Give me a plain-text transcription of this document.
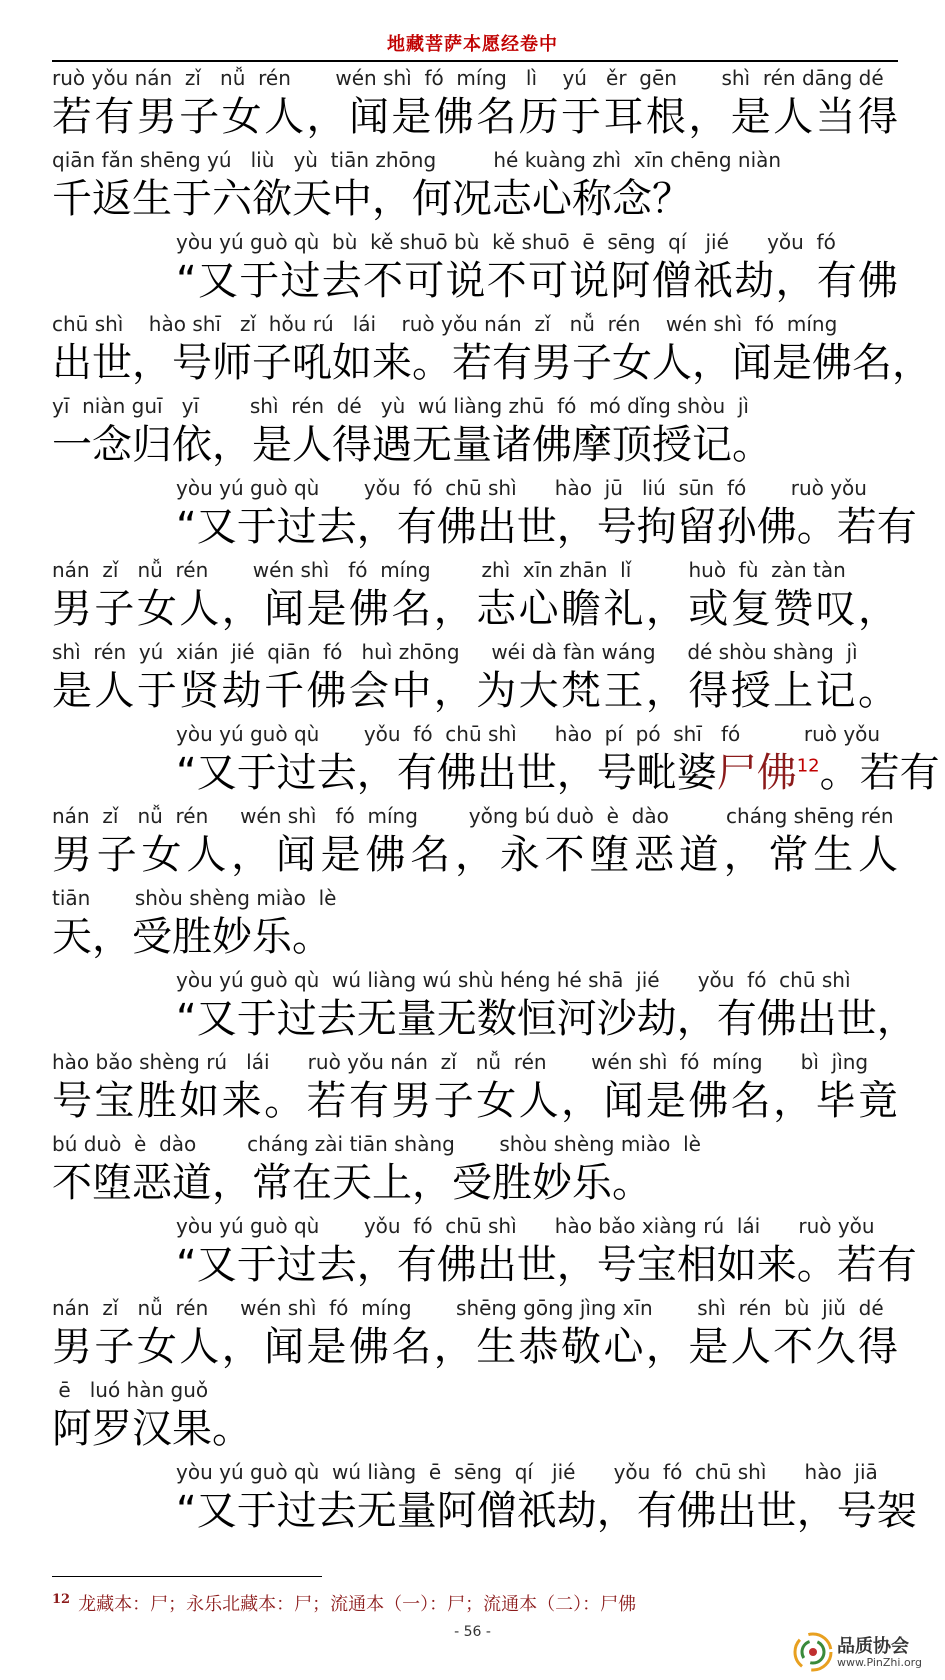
地藏菩萨本愿经卷中
ruò yǒu nán  zǐ   nǚ  rén       wén shì  fó  míng   lì    yú   ěr  gēn       shì  rén dāng dé
若有男子女人，闻是佛名历于耳根，是人当得
qiān fǎn shēng yú   liù   yù  tiān zhōng         hé kuàng zhì  xīn chēng niàn
千返生于六欲天中，何况志心称念？
yòu yú guò qù  bù  kě shuō bù  kě shuō  ē  sēng  qí   jié      yǒu  fó
“又于过去不可说不可说阿僧祇劫，有佛
chū shì    hào shī   zǐ  hǒu rú   lái    ruò yǒu nán  zǐ   nǚ  rén    wén shì  fó  míng
出世，号师子吼如来。若有男子女人，闻是佛名，
yī  niàn guī   yī        shì  rén  dé   yù  wú liàng zhū  fó  mó dǐng shòu  jì
一念归依，是人得遇无量诸佛摩顶授记。
yòu yú guò qù       yǒu  fó  chū shì      hào  jū   liú  sūn  fó       ruò yǒu
“又于过去，有佛出世，号拘留孙佛。若有
nán  zǐ   nǚ  rén       wén shì   fó  míng        zhì  xīn zhān  lǐ         huò  fù  zàn tàn
男子女人，闻是佛名，志心瞻礼，或复赞叹，
shì  rén  yú  xián  jié  qiān  fó   huì zhōng     wéi dà fàn wáng     dé shòu shàng  jì
是人于贤劫千佛会中，为大梵王，得授上记。
yòu yú guò qù       yǒu  fó  chū shì      hào  pí  pó  shī   fó          ruò yǒu
“又于过去，有佛出世，号毗婆尸佛$^{12}$。若有
nán  zǐ   nǚ  rén     wén shì   fó  míng        yǒng bú duò  è  dào         cháng shēng rén
男子女人，闻是佛名，永不堕恶道，常生人
tiān       shòu shèng miào  lè
天，受胜妙乐。
yòu yú guò qù  wú liàng wú shù héng hé shā  jié      yǒu  fó  chū shì
“又于过去无量无数恒河沙劫，有佛出世，
hào bǎo shèng rú   lái      ruò yǒu nán  zǐ   nǚ  rén       wén shì  fó  míng      bì  jìng
号宝胜如来。若有男子女人，闻是佛名，毕竟
bú duò  è  dào        cháng zài tiān shàng       shòu shèng miào  lè
不堕恶道，常在天上，受胜妙乐。
yòu yú guò qù       yǒu  fó  chū shì      hào bǎo xiàng rú  lái      ruò yǒu
“又于过去，有佛出世，号宝相如来。若有
nán  zǐ   nǚ  rén     wén shì  fó  míng       shēng gōng jìng xīn       shì  rén  bù  jiǔ  dé
男子女人，闻是佛名，生恭敬心，是人不久得
ē   luó hàn guǒ
阿罗汉果。
yòu yú guò qù  wú liàng  ē  sēng  qí   jié      yǒu  fó  chū shì      hào  jiā
“又于过去无量阿僧祇劫，有佛出世，号袈
$^{12}$ 龙藏本：尸；永乐北藏本：尸；流通本（一）：尸；流通本（二）：尸佛
- 56 -
品质协会
www.PinZhi.org
